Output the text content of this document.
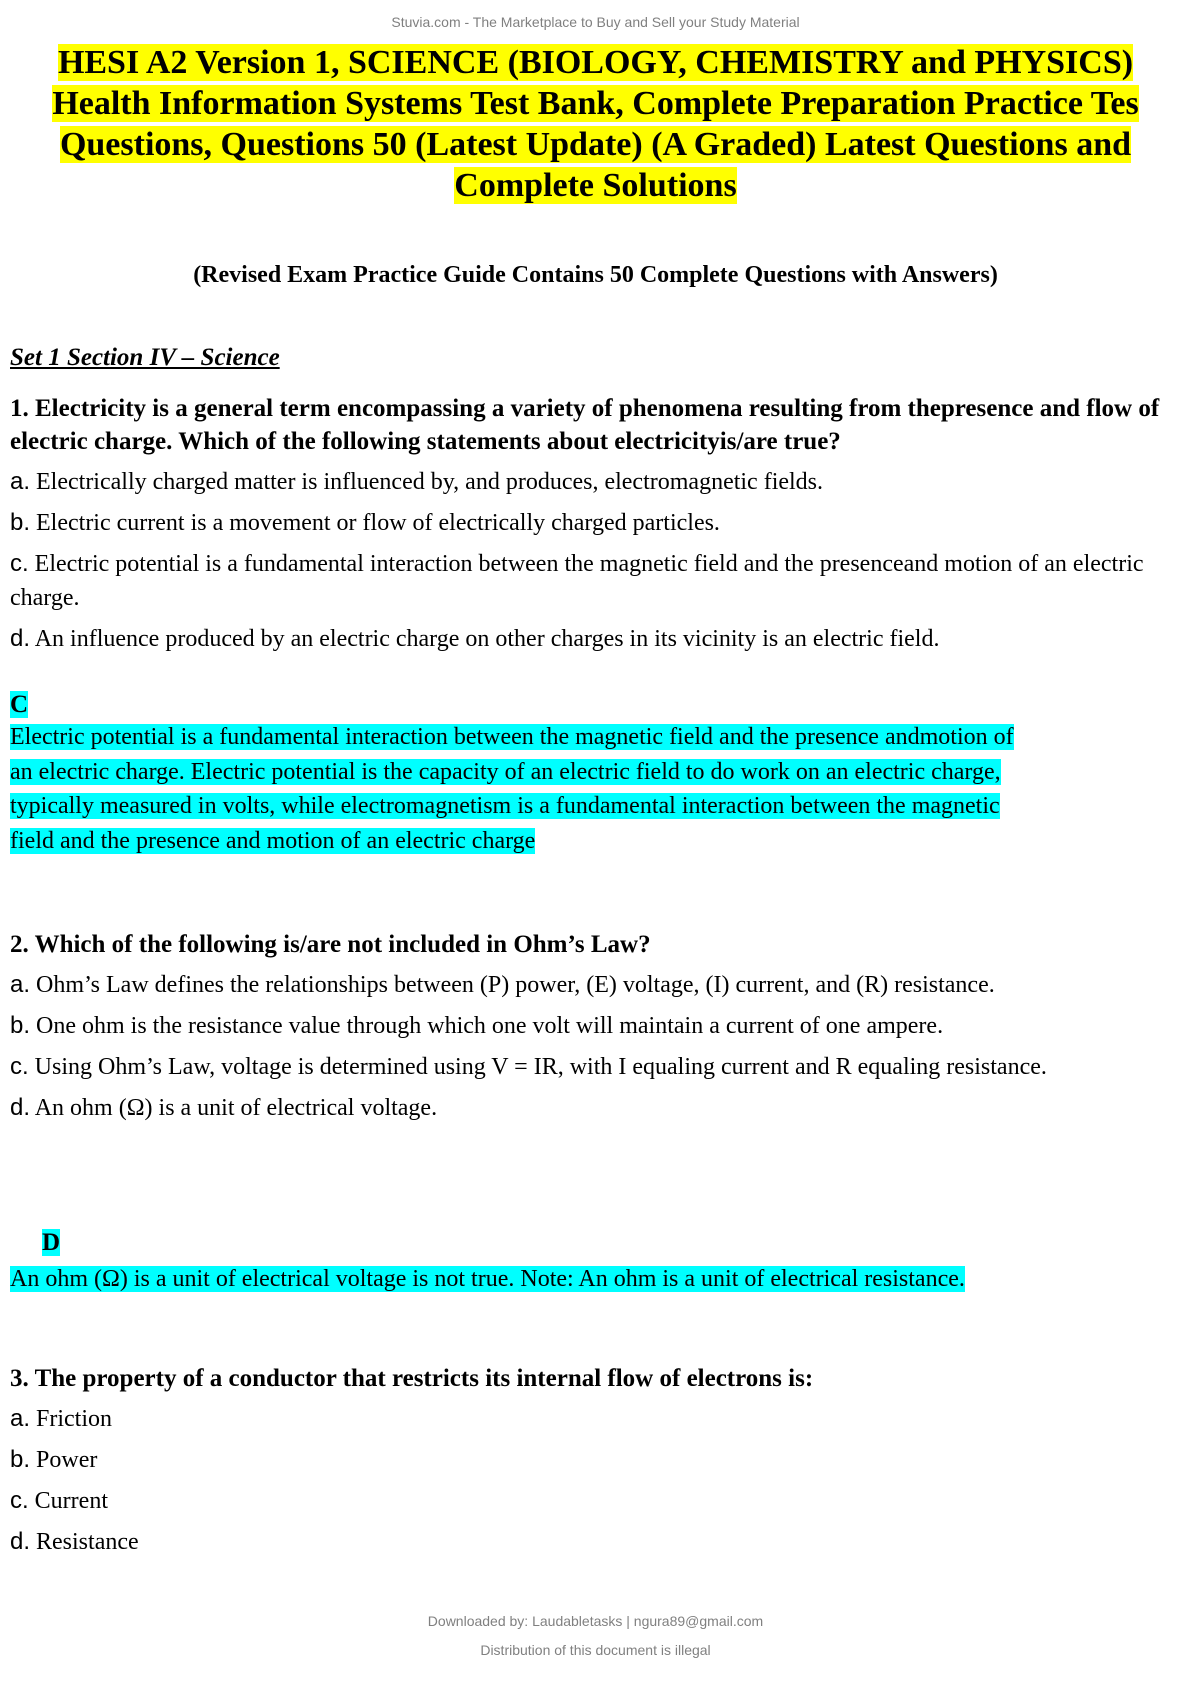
Stuvia.com - The Marketplace to Buy and Sell your Study Material
HESI A2 Version 1, SCIENCE (BIOLOGY, CHEMISTRY and PHYSICS)
Health Information Systems Test Bank, Complete Preparation Practice Tes
Questions, Questions 50 (Latest Update) (A Graded) Latest Questions and
Complete Solutions
(Revised Exam Practice Guide Contains 50 Complete Questions with Answers)
Set 1 Section IV – Science
1. Electricity is a general term encompassing a variety of phenomena resulting from thepresence and flow of electric charge. Which of the following statements about electricityis/are true?
a. Electrically charged matter is influenced by, and produces, electromagnetic fields.
b. Electric current is a movement or flow of electrically charged particles.
c. Electric potential is a fundamental interaction between the magnetic field and the presenceand motion of an electric charge.
d. An influence produced by an electric charge on other charges in its vicinity is an electric field.
C
Electric potential is a fundamental interaction between the magnetic field and the presence andmotion of
an electric charge. Electric potential is the capacity of an electric field to do work on an electric charge,
typically measured in volts, while electromagnetism is a fundamental interaction between the magnetic
field and the presence and motion of an electric charge
2. Which of the following is/are not included in Ohm’s Law?
a. Ohm’s Law defines the relationships between (P) power, (E) voltage, (I) current, and (R) resistance.
b. One ohm is the resistance value through which one volt will maintain a current of one ampere.
c. Using Ohm’s Law, voltage is determined using V = IR, with I equaling current and R equaling resistance.
d. An ohm (Ω) is a unit of electrical voltage.
D
An ohm (Ω) is a unit of electrical voltage is not true. Note: An ohm is a unit of electrical resistance.
3. The property of a conductor that restricts its internal flow of electrons is:
a. Friction
b. Power
c. Current
d. Resistance
Downloaded by: Laudabletasks | ngura89@gmail.com
Distribution of this document is illegal
